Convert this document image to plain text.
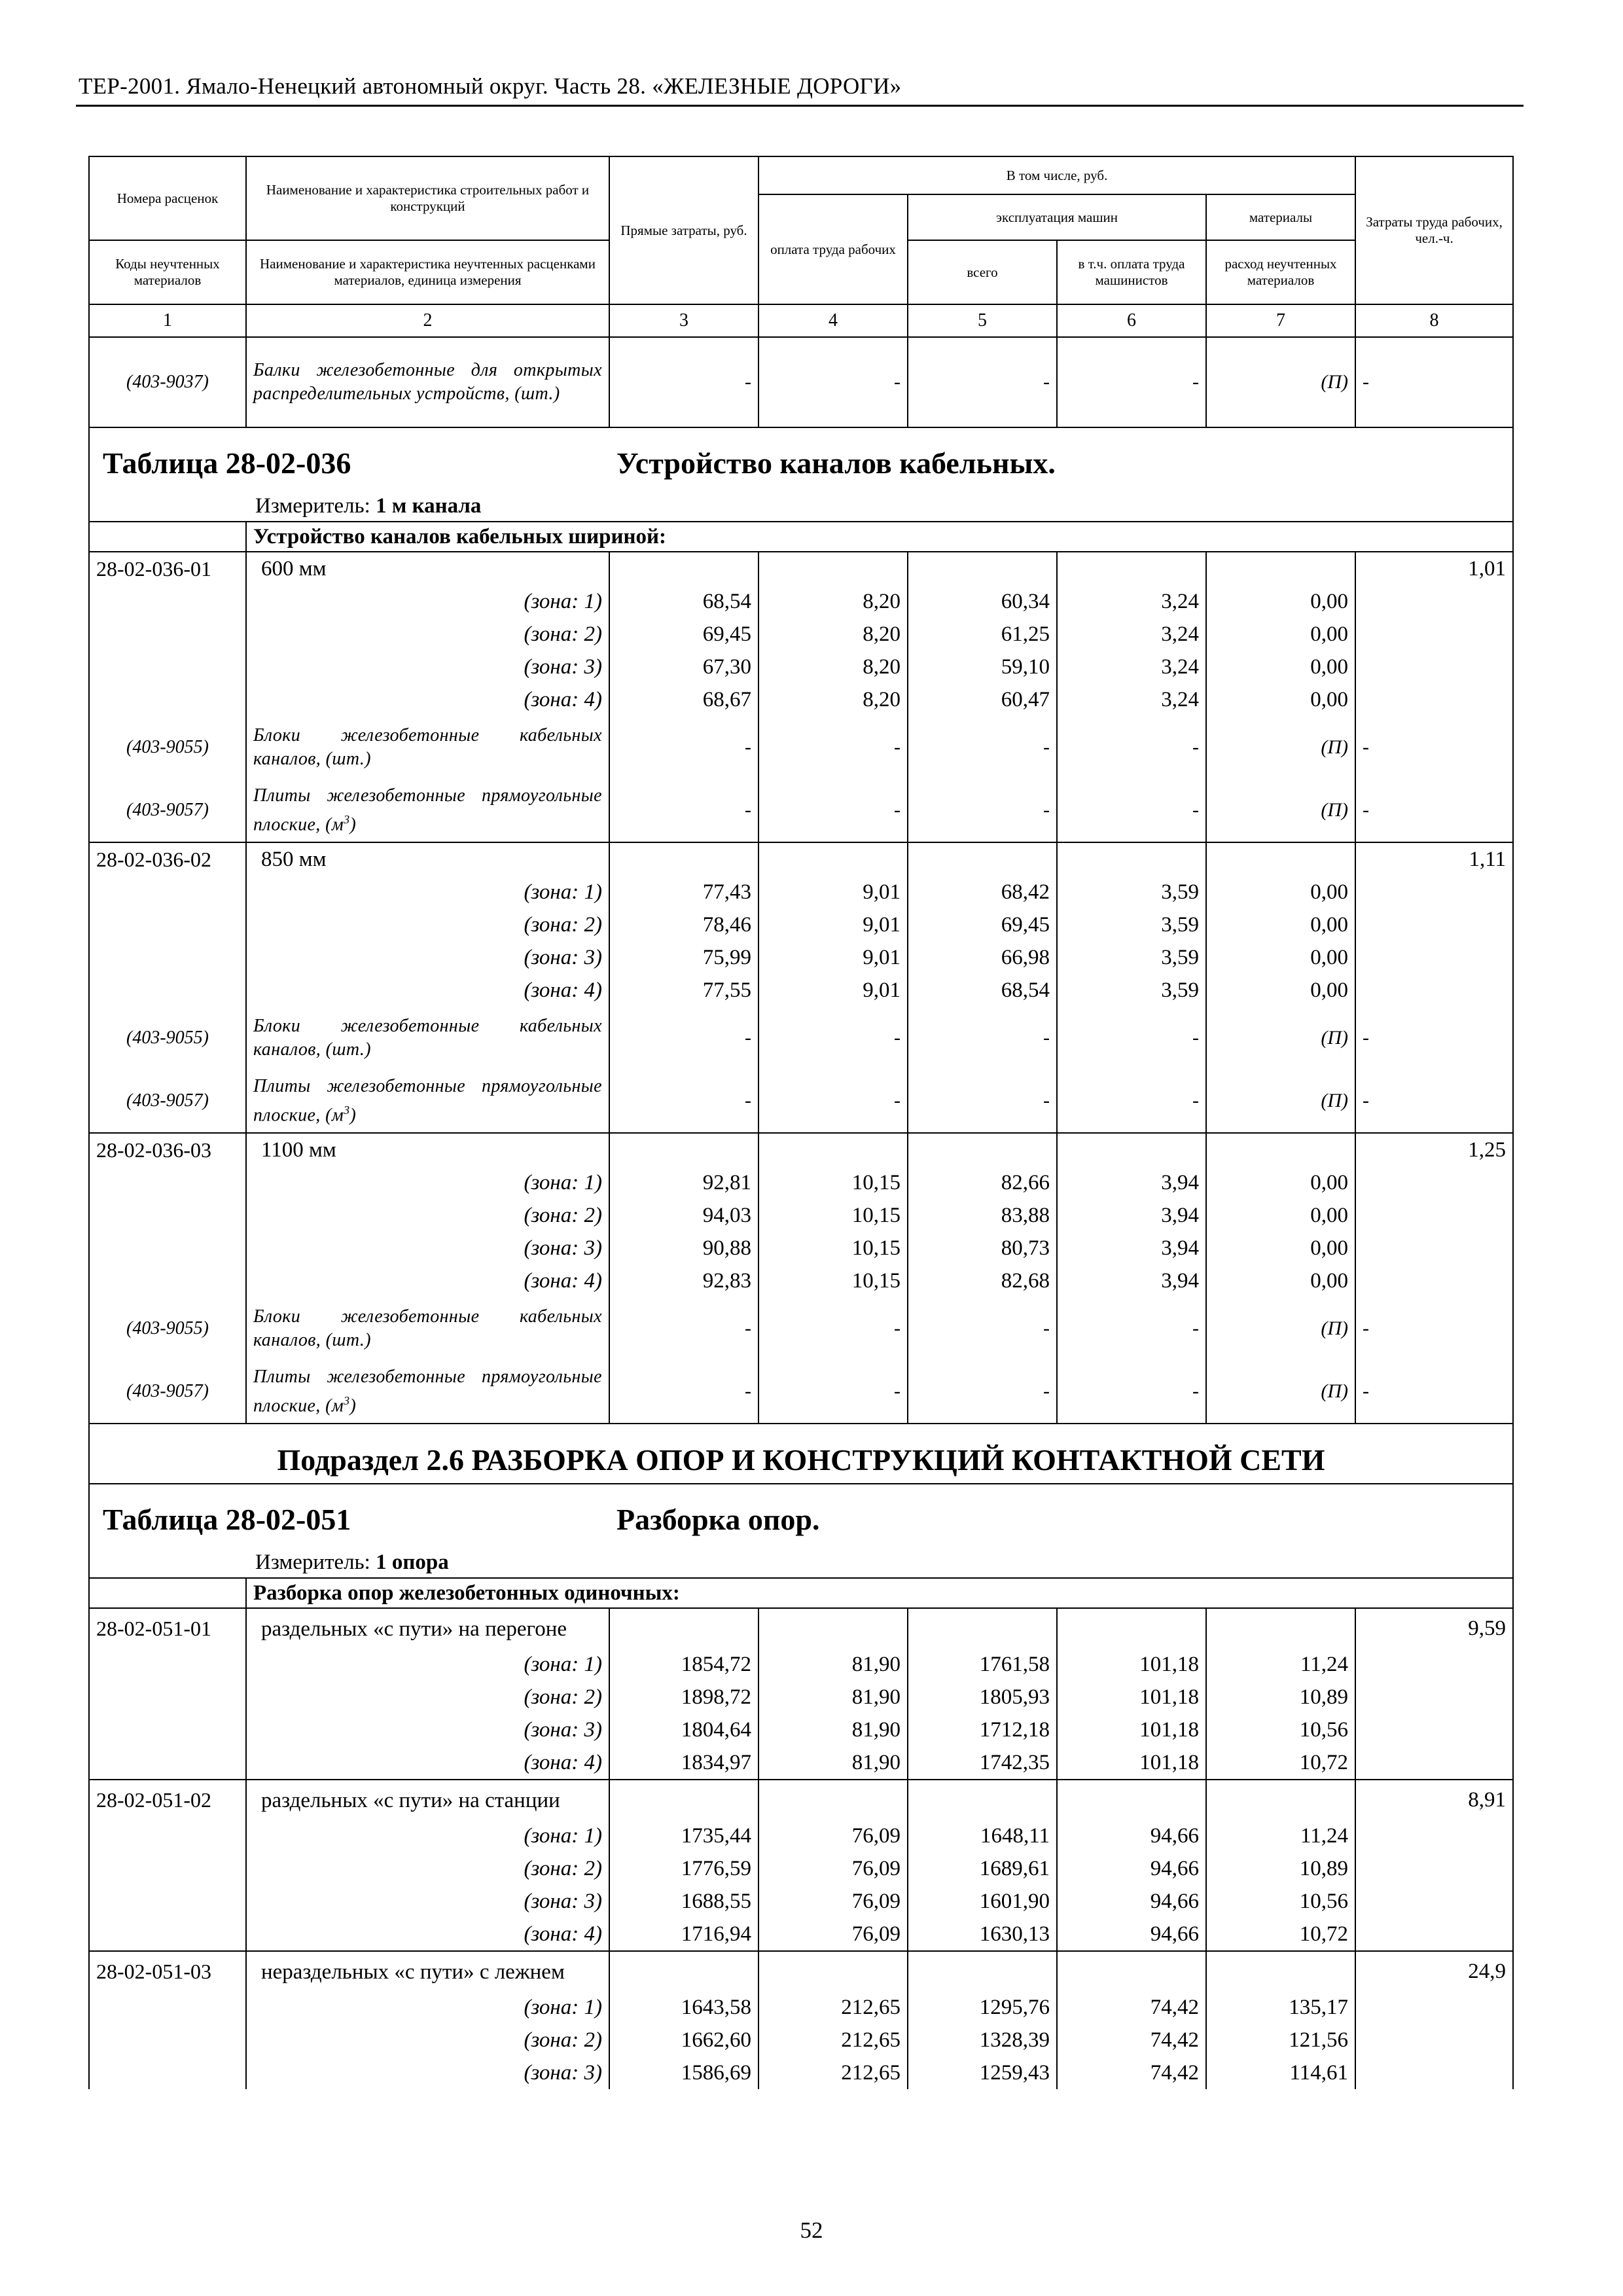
ТЕР-2001. Ямало-Ненецкий автономный округ. Часть 28. «ЖЕЛЕЗНЫЕ ДОРОГИ»
Номера расценок	Наименование и характеристика строительных работ и конструкций	Прямые затраты, руб.	В том числе, руб.				Затраты труда рабочих, чел.-ч.
			оплата труда рабочих	эксплуатация машин		материалы	
Коды неучтенных материалов	Наименование и характеристика неучтенных расценками материалов, единица измерения			всего	в т.ч. оплата труда машинистов	расход неучтенных материалов	
1	2	3	4	5	6	7	8
(403-9037)	Балки железобетонные для открытых распределительных устройств, (шт.)	-	-	-	-	(П)	-
Таблица 28-02-036 Устройство каналов кабельных.							
Измеритель: 1 м канала							
	Устройство каналов кабельных шириной:						
28-02-036-01	600 мм						1,01
	(зона: 1)	68,54	8,20	60,34	3,24	0,00	
	(зона: 2)	69,45	8,20	61,25	3,24	0,00	
	(зона: 3)	67,30	8,20	59,10	3,24	0,00	
	(зона: 4)	68,67	8,20	60,47	3,24	0,00	
(403-9055)	Блоки железобетонные кабельных каналов, (шт.)	-	-	-	-	(П)	-
(403-9057)	Плиты железобетонные прямоугольные плоские, $(м^3)$	-	-	-	-	(П)	-
28-02-036-02	850 мм						1,11
	(зона: 1)	77,43	9,01	68,42	3,59	0,00	
	(зона: 2)	78,46	9,01	69,45	3,59	0,00	
	(зона: 3)	75,99	9,01	66,98	3,59	0,00	
	(зона: 4)	77,55	9,01	68,54	3,59	0,00	
(403-9055)	Блоки железобетонные кабельных каналов, (шт.)	-	-	-	-	(П)	-
(403-9057)	Плиты железобетонные прямоугольные плоские, $(м^3)$	-	-	-	-	(П)	-
28-02-036-03	1100 мм						1,25
	(зона: 1)	92,81	10,15	82,66	3,94	0,00	
	(зона: 2)	94,03	10,15	83,88	3,94	0,00	
	(зона: 3)	90,88	10,15	80,73	3,94	0,00	
	(зона: 4)	92,83	10,15	82,68	3,94	0,00	
(403-9055)	Блоки железобетонные кабельных каналов, (шт.)	-	-	-	-	(П)	-
(403-9057)	Плиты железобетонные прямоугольные плоские, $(м^3)$	-	-	-	-	(П)	-
Подраздел 2.6 РАЗБОРКА ОПОР И КОНСТРУКЦИЙ КОНТАКТНОЙ СЕТИ							
Таблица 28-02-051 Разборка опор.							
Измеритель: 1 опора							
	Разборка опор железобетонных одиночных:						
28-02-051-01	раздельных «с пути» на перегоне						9,59
	(зона: 1)	1854,72	81,90	1761,58	101,18	11,24	
	(зона: 2)	1898,72	81,90	1805,93	101,18	10,89	
	(зона: 3)	1804,64	81,90	1712,18	101,18	10,56	
	(зона: 4)	1834,97	81,90	1742,35	101,18	10,72	
28-02-051-02	раздельных «с пути» на станции						8,91
	(зона: 1)	1735,44	76,09	1648,11	94,66	11,24	
	(зона: 2)	1776,59	76,09	1689,61	94,66	10,89	
	(зона: 3)	1688,55	76,09	1601,90	94,66	10,56	
	(зона: 4)	1716,94	76,09	1630,13	94,66	10,72	
28-02-051-03	нераздельных «с пути» с лежнем						24,9
	(зона: 1)	1643,58	212,65	1295,76	74,42	135,17	
	(зона: 2)	1662,60	212,65	1328,39	74,42	121,56	
	(зона: 3)	1586,69	212,65	1259,43	74,42	114,61	

52
